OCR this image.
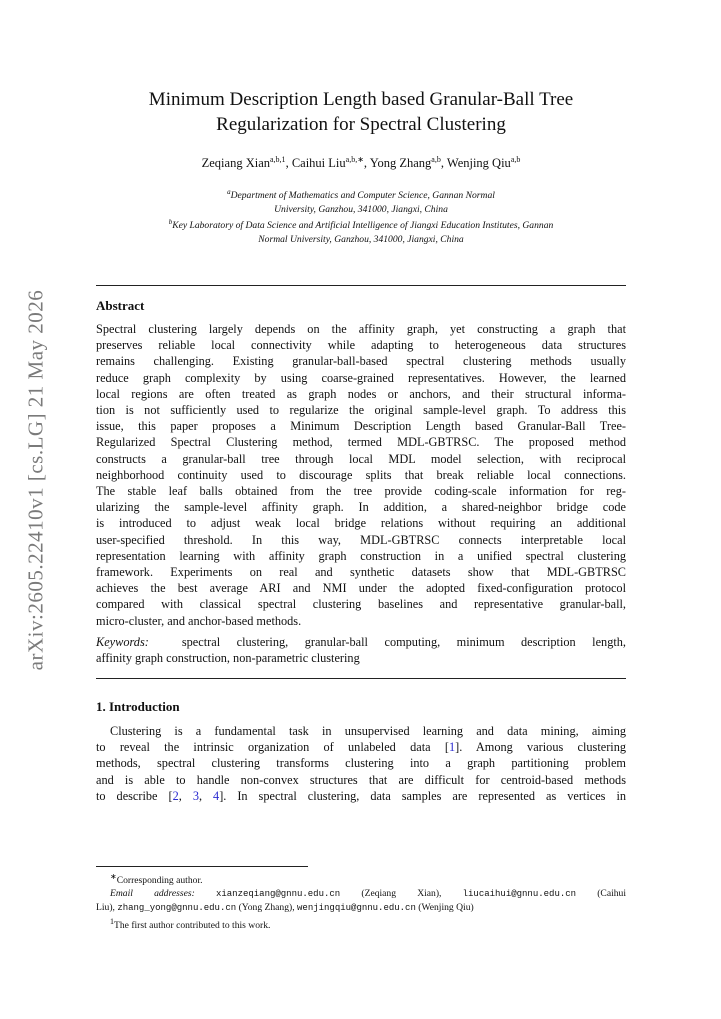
arXiv:2605.22410v1 [cs.LG] 21 May 2026
Minimum Description Length based Granular-Ball Tree
Regularization for Spectral Clustering
Zeqiang Xian$^{a,b,1}$, Caihui Liu$^{a,b,∗}$, Yong Zhang$^{a,b}$, Wenjing Qiu$^{a,b}$
$^a$Department of Mathematics and Computer Science, Gannan Normal
University, Ganzhou, 341000, Jiangxi, China
$^b$Key Laboratory of Data Science and Artificial Intelligence of Jiangxi Education Institutes, Gannan
Normal University, Ganzhou, 341000, Jiangxi, China
Abstract
Spectral clustering largely depends on the affinity graph, yet constructing a graph that
preserves reliable local connectivity while adapting to heterogeneous data structures
remains challenging. Existing granular-ball-based spectral clustering methods usually
reduce graph complexity by using coarse-grained representatives. However, the learned
local regions are often treated as graph nodes or anchors, and their structural informa-
tion is not sufficiently used to regularize the original sample-level graph. To address this
issue, this paper proposes a Minimum Description Length based Granular-Ball Tree-
Regularized Spectral Clustering method, termed MDL-GBTRSC. The proposed method
constructs a granular-ball tree through local MDL model selection, with reciprocal
neighborhood continuity used to discourage splits that break reliable local connections.
The stable leaf balls obtained from the tree provide coding-scale information for reg-
ularizing the sample-level affinity graph. In addition, a shared-neighbor bridge code
is introduced to adjust weak local bridge relations without requiring an additional
user-specified threshold. In this way, MDL-GBTRSC connects interpretable local
representation learning with affinity graph construction in a unified spectral clustering
framework. Experiments on real and synthetic datasets show that MDL-GBTRSC
achieves the best average ARI and NMI under the adopted fixed-configuration protocol
compared with classical spectral clustering baselines and representative granular-ball,
micro-cluster, and anchor-based methods.
Keywords:	spectral clustering, granular-ball computing, minimum description length,
affinity graph construction, non-parametric clustering
1. Introduction
Clustering is a fundamental task in unsupervised learning and data mining, aiming
to reveal the intrinsic organization of unlabeled data [1]. Among various clustering
methods, spectral clustering transforms clustering into a graph partitioning problem
and is able to handle non-convex structures that are difficult for centroid-based methods
to describe [2, 3, 4]. In spectral clustering, data samples are represented as vertices in
∗Corresponding author.
Email addresses: xianzeqiang@gnnu.edu.cn (Zeqiang Xian), liucaihui@gnnu.edu.cn (Caihui
Liu), zhang_yong@gnnu.edu.cn (Yong Zhang), wenjingqiu@gnnu.edu.cn (Wenjing Qiu)
$^1$The first author contributed to this work.
